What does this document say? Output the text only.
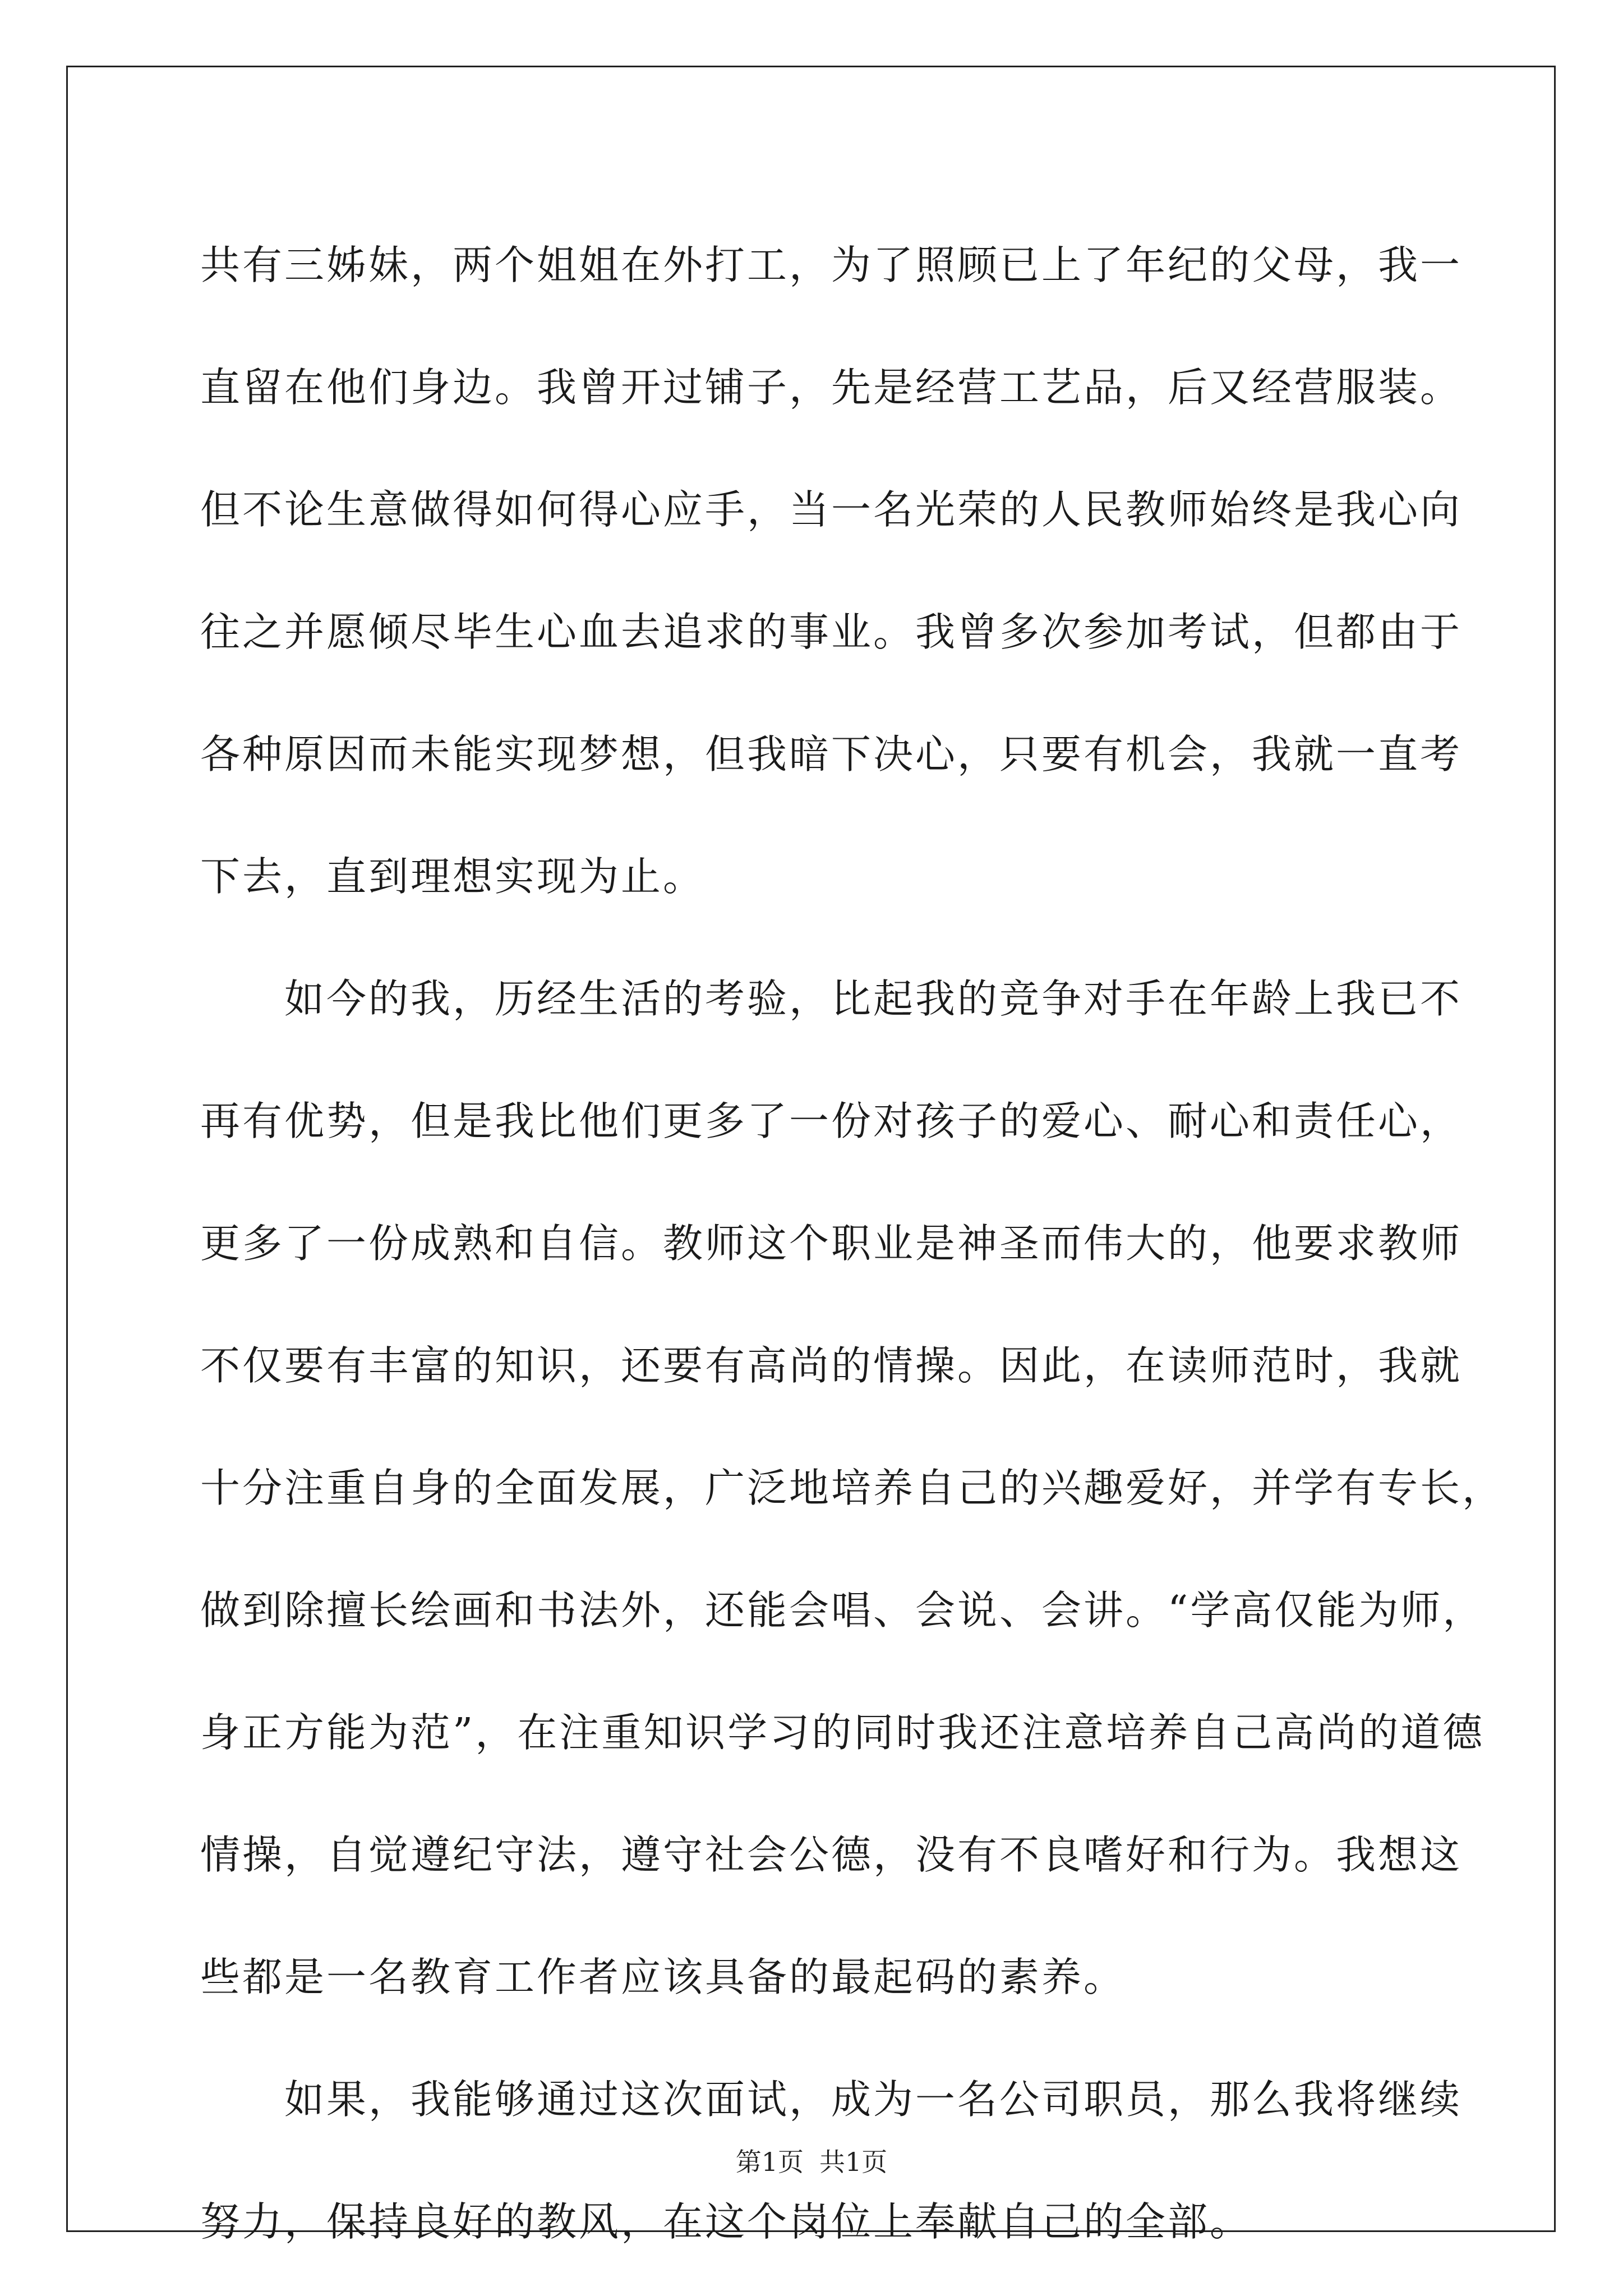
共有三姊妹，两个姐姐在外打工，为了照顾已上了年纪的父母，我一
直留在他们身边。我曾开过铺子，先是经营工艺品，后又经营服装。
但不论生意做得如何得心应手，当一名光荣的人民教师始终是我心向
往之并愿倾尽毕生心血去追求的事业。我曾多次参加考试，但都由于
各种原因而未能实现梦想，但我暗下决心，只要有机会，我就一直考
下去，直到理想实现为止。
　　如今的我，历经生活的考验，比起我的竞争对手在年龄上我已不
再有优势，但是我比他们更多了一份对孩子的爱心、耐心和责任心，
更多了一份成熟和自信。教师这个职业是神圣而伟大的，他要求教师
不仅要有丰富的知识，还要有高尚的情操。因此，在读师范时，我就
十分注重自身的全面发展，广泛地培养自己的兴趣爱好，并学有专长，
做到除擅长绘画和书法外，还能会唱、会说、会讲。“学高仅能为师，
身正方能为范”，在注重知识学习的同时我还注意培养自己高尚的道德
情操，自觉遵纪守法，遵守社会公德，没有不良嗜好和行为。我想这
些都是一名教育工作者应该具备的最起码的素养。
　　如果，我能够通过这次面试，成为一名公司职员，那么我将继续
努力，保持良好的教风，在这个岗位上奉献自己的全部。
第1页 共1页
